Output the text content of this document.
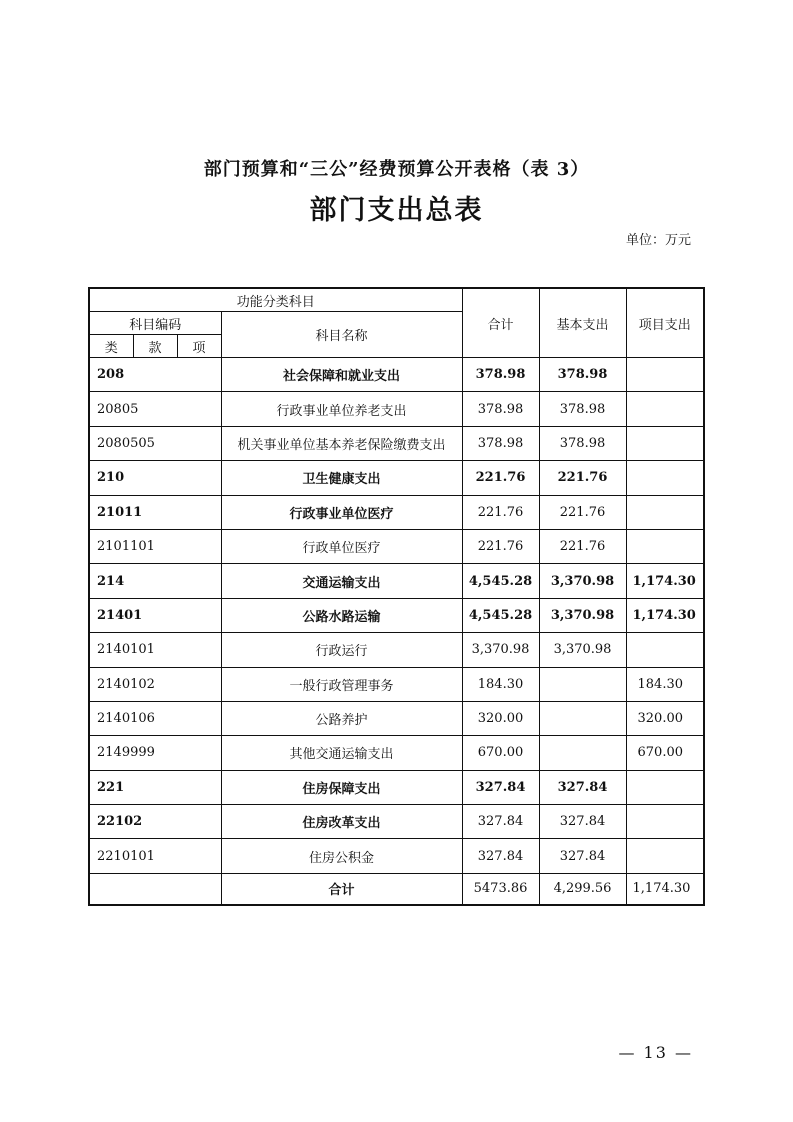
部门预算和“三公”经费预算公开表格（表 3）
部门支出总表
单位：万元
功能分类科目				合计	基本支出	项目支出
科目编码			科目名称			
类	款	项				
208			社会保障和就业支出	378.98	378.98	
20805			行政事业单位养老支出	378.98	378.98	
2080505			机关事业单位基本养老保险缴费支出	378.98	378.98	
210			卫生健康支出	221.76	221.76	
21011			行政事业单位医疗	221.76	221.76	
2101101			行政单位医疗	221.76	221.76	
214			交通运输支出	4,545.28	3,370.98	1,174.30
21401			公路水路运输	4,545.28	3,370.98	1,174.30
2140101			行政运行	3,370.98	3,370.98	
2140102			一般行政管理事务	184.30		184.30
2140106			公路养护	320.00		320.00
2149999			其他交通运输支出	670.00		670.00
221			住房保障支出	327.84	327.84	
22102			住房改革支出	327.84	327.84	
2210101			住房公积金	327.84	327.84	
			合计	5473.86	4,299.56	1,174.30
— 13 —
